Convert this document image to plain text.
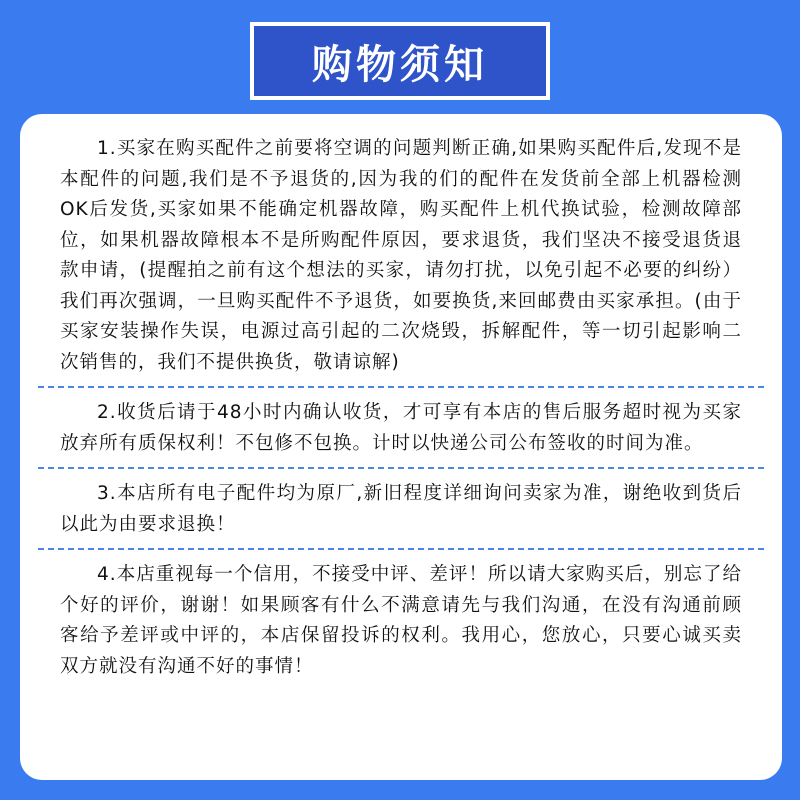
购物须知

1.买家在购买配件之前要将空调的问题判断正确,如果购买配件后,发现不是本配件的问题,我们是不予退货的,因为我的们的配件在发货前全部上机器检测OK后发货,买家如果不能确定机器故障，购买配件上机代换试验，检测故障部位，如果机器故障根本不是所购配件原因，要求退货，我们坚决不接受退货退款申请，(提醒拍之前有这个想法的买家，请勿打扰，以免引起不必要的纠纷）我们再次强调，一旦购买配件不予退货，如要换货,来回邮费由买家承担。(由于买家安装操作失误，电源过高引起的二次烧毁，拆解配件，等一切引起影响二次销售的，我们不提供换货，敬请谅解)

2.收货后请于48小时内确认收货，才可享有本店的售后服务超时视为买家放弃所有质保权利！不包修不包换。计时以快递公司公布签收的时间为准。

3.本店所有电子配件均为原厂,新旧程度详细询问卖家为准，谢绝收到货后以此为由要求退换！

4.本店重视每一个信用，不接受中评、差评！所以请大家购买后，别忘了给个好的评价，谢谢！如果顾客有什么不满意请先与我们沟通，在没有沟通前顾客给予差评或中评的，本店保留投诉的权利。我用心，您放心，只要心诚买卖双方就没有沟通不好的事情！
